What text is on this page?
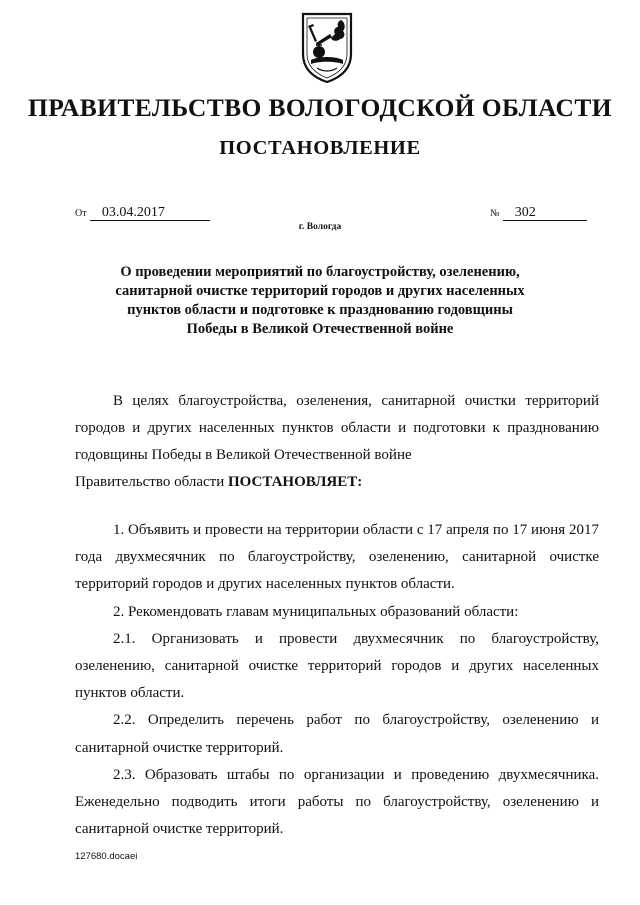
ПРАВИТЕЛЬСТВО ВОЛОГОДСКОЙ ОБЛАСТИ
ПОСТАНОВЛЕНИЕ
От 03.04.2017	№ 302
г. Вологда
О проведении мероприятий по благоустройству, озеленению,
санитарной очистке территорий городов и других населенных
пунктов области и подготовке к празднованию годовщины
Победы в Великой Отечественной войне

В целях благоустройства, озеленения, санитарной очистки территорий городов и других населенных пунктов области и подготовки к празднованию годовщины Победы в Великой Отечественной войне

Правительство области ПОСТАНОВЛЯЕТ:

1. Объявить и провести на территории области с 17 апреля по 17 июня 2017 года двухмесячник по благоустройству, озеленению, санитарной очистке территорий городов и других населенных пунктов области.

2. Рекомендовать главам муниципальных образований области:

2.1. Организовать и провести двухмесячник по благоустройству, озеленению, санитарной очистке территорий городов и других населенных пунктов области.

2.2. Определить перечень работ по благоустройству, озеленению и санитарной очистке территорий.

2.3. Образовать штабы по организации и проведению двухмесячника. Еженедельно подводить итоги работы по благоустройству, озеленению и санитарной очистке территорий.

127680.docaei
